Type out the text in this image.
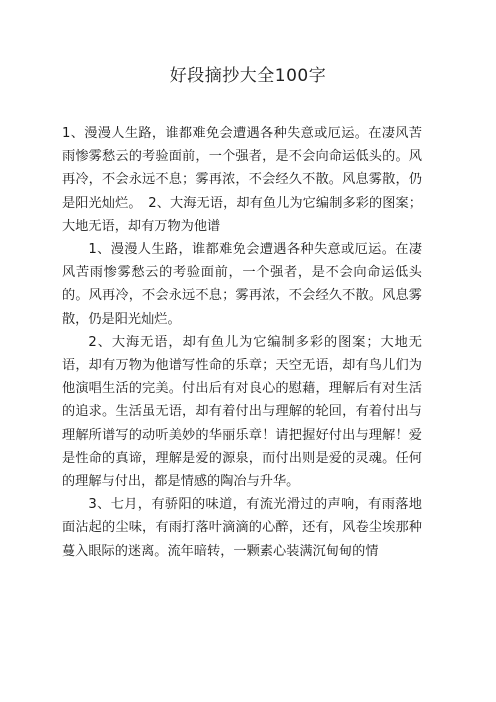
好段摘抄大全100字

1、漫漫人生路，谁都难免会遭遇各种失意或厄运。在凄风苦雨惨雾愁云的考验面前，一个强者，是不会向命运低头的。风再冷，不会永远不息；雾再浓，不会经久不散。风息雾散，仍是阳光灿烂。　2、大海无语，却有鱼儿为它编制多彩的图案；大地无语，却有万物为他谱

1、漫漫人生路，谁都难免会遭遇各种失意或厄运。在凄风苦雨惨雾愁云的考验面前，一个强者，是不会向命运低头的。风再冷，不会永远不息；雾再浓，不会经久不散。风息雾散，仍是阳光灿烂。

2、大海无语，却有鱼儿为它编制多彩的图案；大地无语，却有万物为他谱写性命的乐章；天空无语，却有鸟儿们为他演唱生活的完美。付出后有对良心的慰藉，理解后有对生活的追求。生活虽无语，却有着付出与理解的轮回，有着付出与理解所谱写的动听美妙的华丽乐章！请把握好付出与理解！爱是性命的真谛，理解是爱的源泉，而付出则是爱的灵魂。任何的理解与付出，都是情感的陶冶与升华。

3、七月，有骄阳的味道，有流光滑过的声响，有雨落地面沾起的尘味，有雨打落叶滴滴的心醉，还有，风卷尘埃那种蔓入眼际的迷离。流年暗转，一颗素心装满沉甸甸的情
